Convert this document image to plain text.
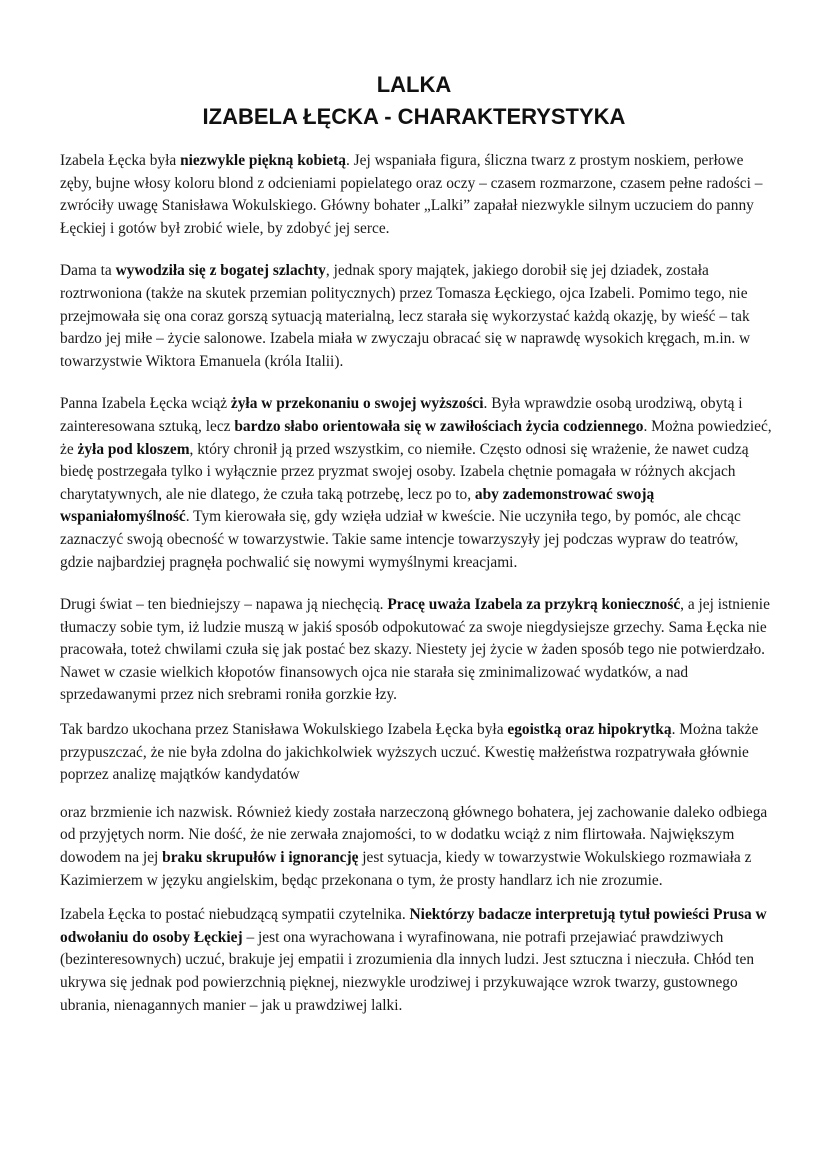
LALKA
IZABELA ŁĘCKA - CHARAKTERYSTYKA

Izabela Łęcka była niezwykle piękną kobietą. Jej wspaniała figura, śliczna twarz z prostym noskiem, perłowe zęby, bujne włosy koloru blond z odcieniami popielatego oraz oczy – czasem rozmarzone, czasem pełne radości – zwróciły uwagę Stanisława Wokulskiego. Główny bohater „Lalki” zapałał niezwykle silnym uczuciem do panny Łęckiej i gotów był zrobić wiele, by zdobyć jej serce.

Dama ta wywodziła się z bogatej szlachty, jednak spory majątek, jakiego dorobił się jej dziadek, została roztrwoniona (także na skutek przemian politycznych) przez Tomasza Łęckiego, ojca Izabeli. Pomimo tego, nie przejmowała się ona coraz gorszą sytuacją materialną, lecz starała się wykorzystać każdą okazję, by wieść – tak bardzo jej miłe – życie salonowe. Izabela miała w zwyczaju obracać się w naprawdę wysokich kręgach, m.in. w towarzystwie Wiktora Emanuela (króla Italii).

Panna Izabela Łęcka wciąż żyła w przekonaniu o swojej wyższości. Była wprawdzie osobą urodziwą, obytą i zainteresowana sztuką, lecz bardzo słabo orientowała się w zawiłościach życia codziennego. Można powiedzieć, że żyła pod kloszem, który chronił ją przed wszystkim, co niemiłe. Często odnosi się wrażenie, że nawet cudzą biedę postrzegała tylko i wyłącznie przez pryzmat swojej osoby. Izabela chętnie pomagała w różnych akcjach charytatywnych, ale nie dlatego, że czuła taką potrzebę, lecz po to, aby zademonstrować swoją wspaniałomyślność. Tym kierowała się, gdy wzięła udział w kweście. Nie uczyniła tego, by pomóc, ale chcąc zaznaczyć swoją obecność w towarzystwie. Takie same intencje towarzyszyły jej podczas wypraw do teatrów, gdzie najbardziej pragnęła pochwalić się nowymi wymyślnymi kreacjami.

Drugi świat – ten biedniejszy – napawa ją niechęcią. Pracę uważa Izabela za przykrą konieczność, a jej istnienie tłumaczy sobie tym, iż ludzie muszą w jakiś sposób odpokutować za swoje niegdysiejsze grzechy. Sama Łęcka nie pracowała, toteż chwilami czuła się jak postać bez skazy. Niestety jej życie w żaden sposób tego nie potwierdzało. Nawet w czasie wielkich kłopotów finansowych ojca nie starała się zminimalizować wydatków, a nad sprzedawanymi przez nich srebrami roniła gorzkie łzy.

Tak bardzo ukochana przez Stanisława Wokulskiego Izabela Łęcka była egoistką oraz hipokrytką. Można także przypuszczać, że nie była zdolna do jakichkolwiek wyższych uczuć. Kwestię małżeństwa rozpatrywała głównie poprzez analizę majątków kandydatów

oraz brzmienie ich nazwisk. Również kiedy została narzeczoną głównego bohatera, jej zachowanie daleko odbiega od przyjętych norm. Nie dość, że nie zerwała znajomości, to w dodatku wciąż z nim flirtowała. Największym dowodem na jej braku skrupułów i ignorancję jest sytuacja, kiedy w towarzystwie Wokulskiego rozmawiała z Kazimierzem w języku angielskim, będąc przekonana o tym, że prosty handlarz ich nie zrozumie.

Izabela Łęcka to postać niebudzącą sympatii czytelnika. Niektórzy badacze interpretują tytuł powieści Prusa w odwołaniu do osoby Łęckiej – jest ona wyrachowana i wyrafinowana, nie potrafi przejawiać prawdziwych (bezinteresownych) uczuć, brakuje jej empatii i zrozumienia dla innych ludzi. Jest sztuczna i nieczuła. Chłód ten ukrywa się jednak pod powierzchnią pięknej, niezwykle urodziwej i przykuwające wzrok twarzy, gustownego ubrania, nienagannych manier – jak u prawdziwej lalki.
